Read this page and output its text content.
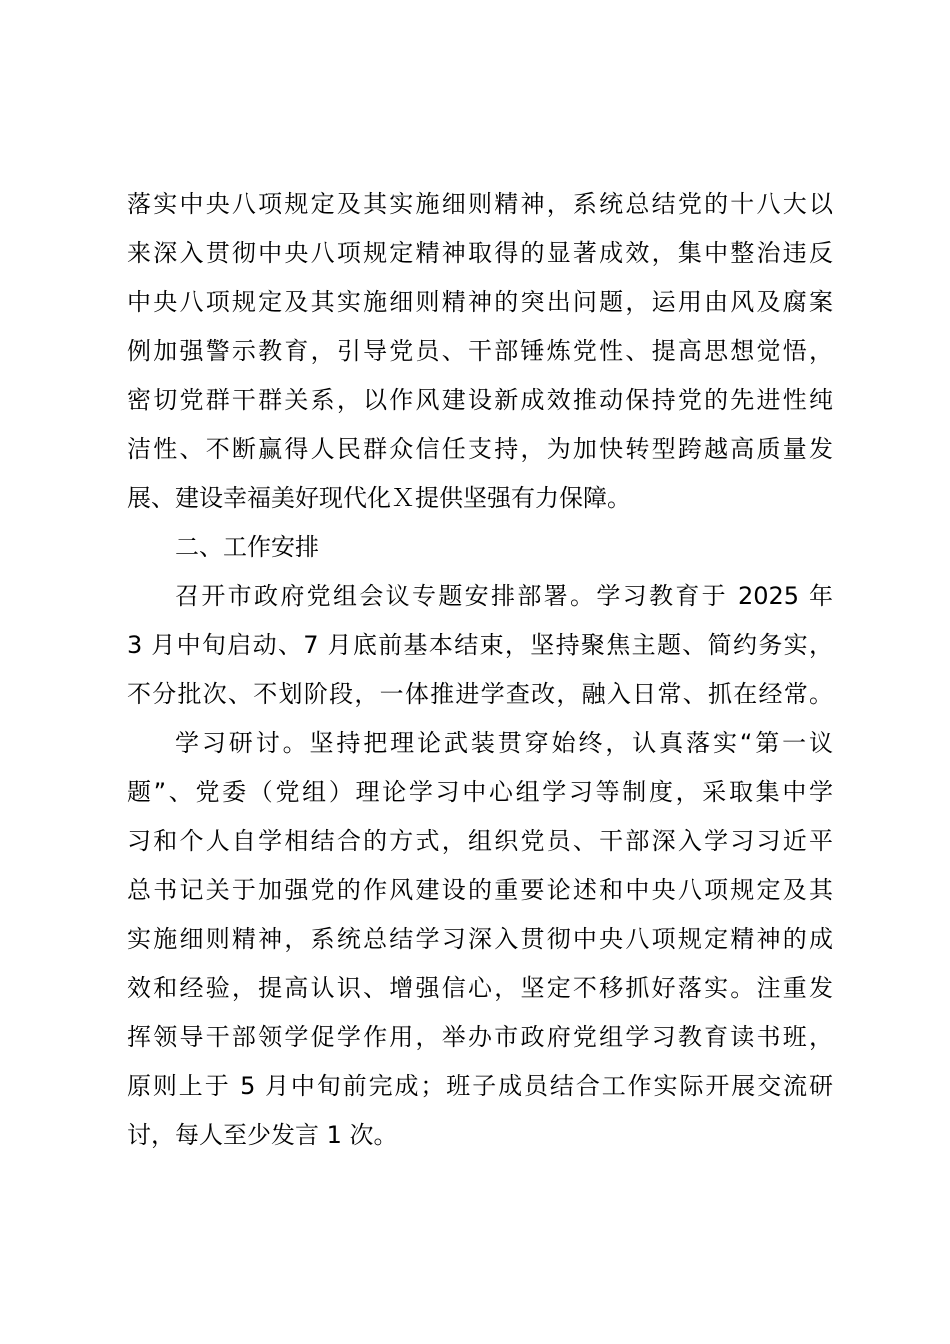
落实中央八项规定及其实施细则精神，系统总结党的十八大以
来深入贯彻中央八项规定精神取得的显著成效，集中整治违反
中央八项规定及其实施细则精神的突出问题，运用由风及腐案
例加强警示教育，引导党员、干部锤炼党性、提高思想觉悟，
密切党群干群关系，以作风建设新成效推动保持党的先进性纯
洁性、不断赢得人民群众信任支持，为加快转型跨越高质量发
展、建设幸福美好现代化Ｘ提供坚强有力保障。
二、工作安排
召开市政府党组会议专题安排部署。学习教育于 2025 年
3 月中旬启动、7 月底前基本结束，坚持聚焦主题、简约务实，
不分批次、不划阶段，一体推进学查改，融入日常、抓在经常。
学习研讨。坚持把理论武装贯穿始终，认真落实“第一议
题”、党委（党组）理论学习中心组学习等制度，采取集中学
习和个人自学相结合的方式，组织党员、干部深入学习习近平
总书记关于加强党的作风建设的重要论述和中央八项规定及其
实施细则精神，系统总结学习深入贯彻中央八项规定精神的成
效和经验，提高认识、增强信心，坚定不移抓好落实。注重发
挥领导干部领学促学作用，举办市政府党组学习教育读书班，
原则上于 5 月中旬前完成；班子成员结合工作实际开展交流研
讨，每人至少发言 1 次。
